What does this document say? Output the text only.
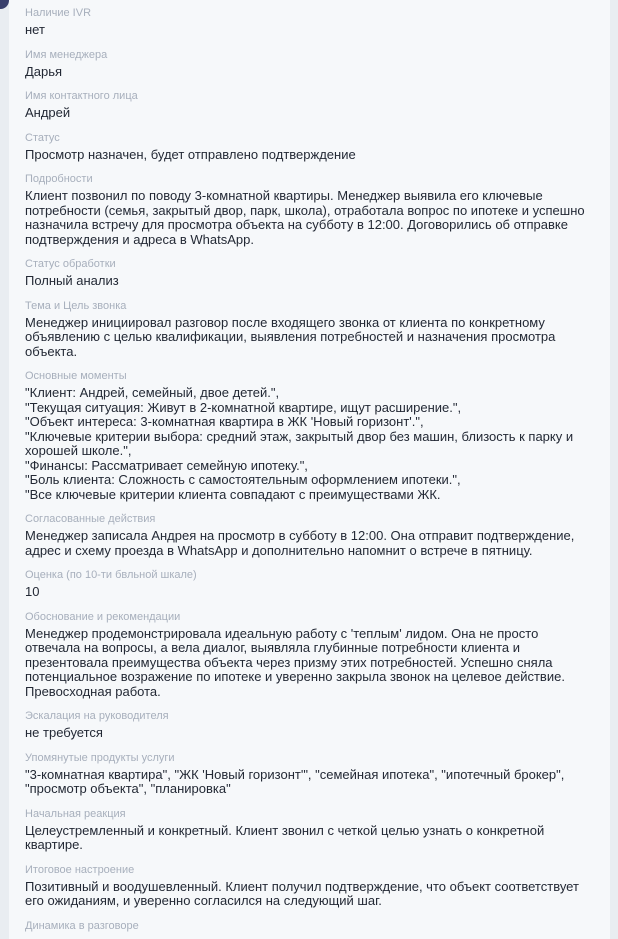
Наличие IVR
нет
Имя менеджера
Дарья
Имя контактного лица
Андрей
Статус
Просмотр назначен, будет отправлено подтверждение
Подробности
Клиент позвонил по поводу 3-комнатной квартиры. Менеджер выявила его ключевые потребности (семья, закрытый двор, парк, школа), отработала вопрос по ипотеке и успешно назначила встречу для просмотра объекта на субботу в 12:00. Договорились об отправке подтверждения и адреса в WhatsApp.
Статус обработки
Полный анализ
Тема и Цель звонка
Менеджер инициировал разговор после входящего звонка от клиента по конкретному объявлению с целью квалификации, выявления потребностей и назначения просмотра объекта.
Основные моменты
"Клиент: Андрей, семейный, двое детей.",
"Текущая ситуация: Живут в 2-комнатной квартире, ищут расширение.",
"Объект интереса: 3-комнатная квартира в ЖК 'Новый горизонт'.",
"Ключевые критерии выбора: средний этаж, закрытый двор без машин, близость к парку и хорошей школе.",
"Финансы: Рассматривает семейную ипотеку.",
"Боль клиента: Сложность с самостоятельным оформлением ипотеки.",
"Все ключевые критерии клиента совпадают с преимуществами ЖК.
Согласованные действия
Менеджер записала Андрея на просмотр в субботу в 12:00. Она отправит подтверждение, адрес и схему проезда в WhatsApp и дополнительно напомнит о встрече в пятницу.
Оценка (по 10-ти бвльной шкале)
10
Обоснование и рекомендации
Менеджер продемонстрировала идеальную работу с 'теплым' лидом. Она не просто отвечала на вопросы, а вела диалог, выявляла глубинные потребности клиента и презентовала преимущества объекта через призму этих потребностей. Успешно сняла потенциальное возражение по ипотеке и уверенно закрыла звонок на целевое действие. Превосходная работа.
Эскалация на руководителя
не требуется
Упомянутые продукты услуги
"3-комнатная квартира", "ЖК 'Новый горизонт'", "семейная ипотека", "ипотечный брокер", "просмотр объекта", "планировка"
Начальная реакция
Целеустремленный и конкретный. Клиент звонил с четкой целью узнать о конкретной квартире.
Итоговое настроение
Позитивный и воодушевленный. Клиент получил подтверждение, что объект соответствует его ожиданиям, и уверенно согласился на следующий шаг.
Динамика в разговоре
